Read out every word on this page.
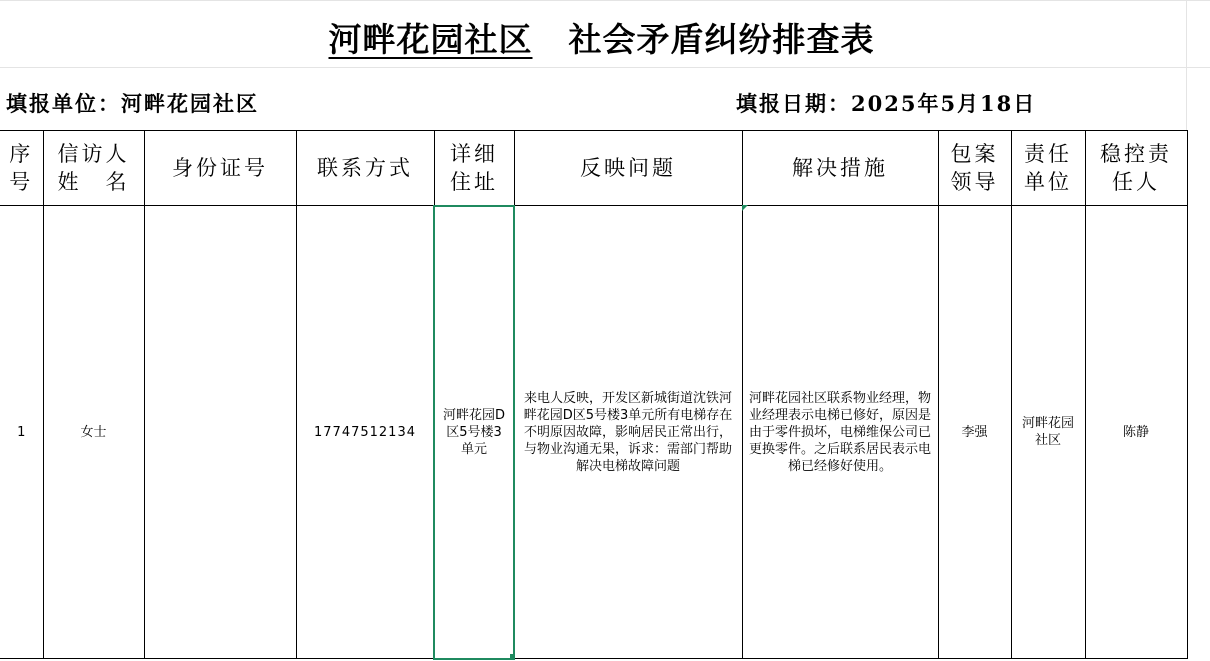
河畔花园社区 社会矛盾纠纷排查表
填报单位：河畔花园社区	填报日期：2025年5月18日
序号	信访人姓　名	身份证号	联系方式	详细住址	反映问题	解决措施	包案领导	责任单位	稳控责任人

1	女士		17747512134	河畔花园D区5号楼3单元	来电人反映，开发区新城街道沈铁河畔花园D区5号楼3单元所有电梯存在不明原因故障，影响居民正常出行，与物业沟通无果，诉求：需部门帮助解决电梯故障问题	河畔花园社区联系物业经理，物业经理表示电梯已修好，原因是由于零件损坏，电梯维保公司已更换零件。之后联系居民表示电梯已经修好使用。	李强	河畔花园社区	陈静
